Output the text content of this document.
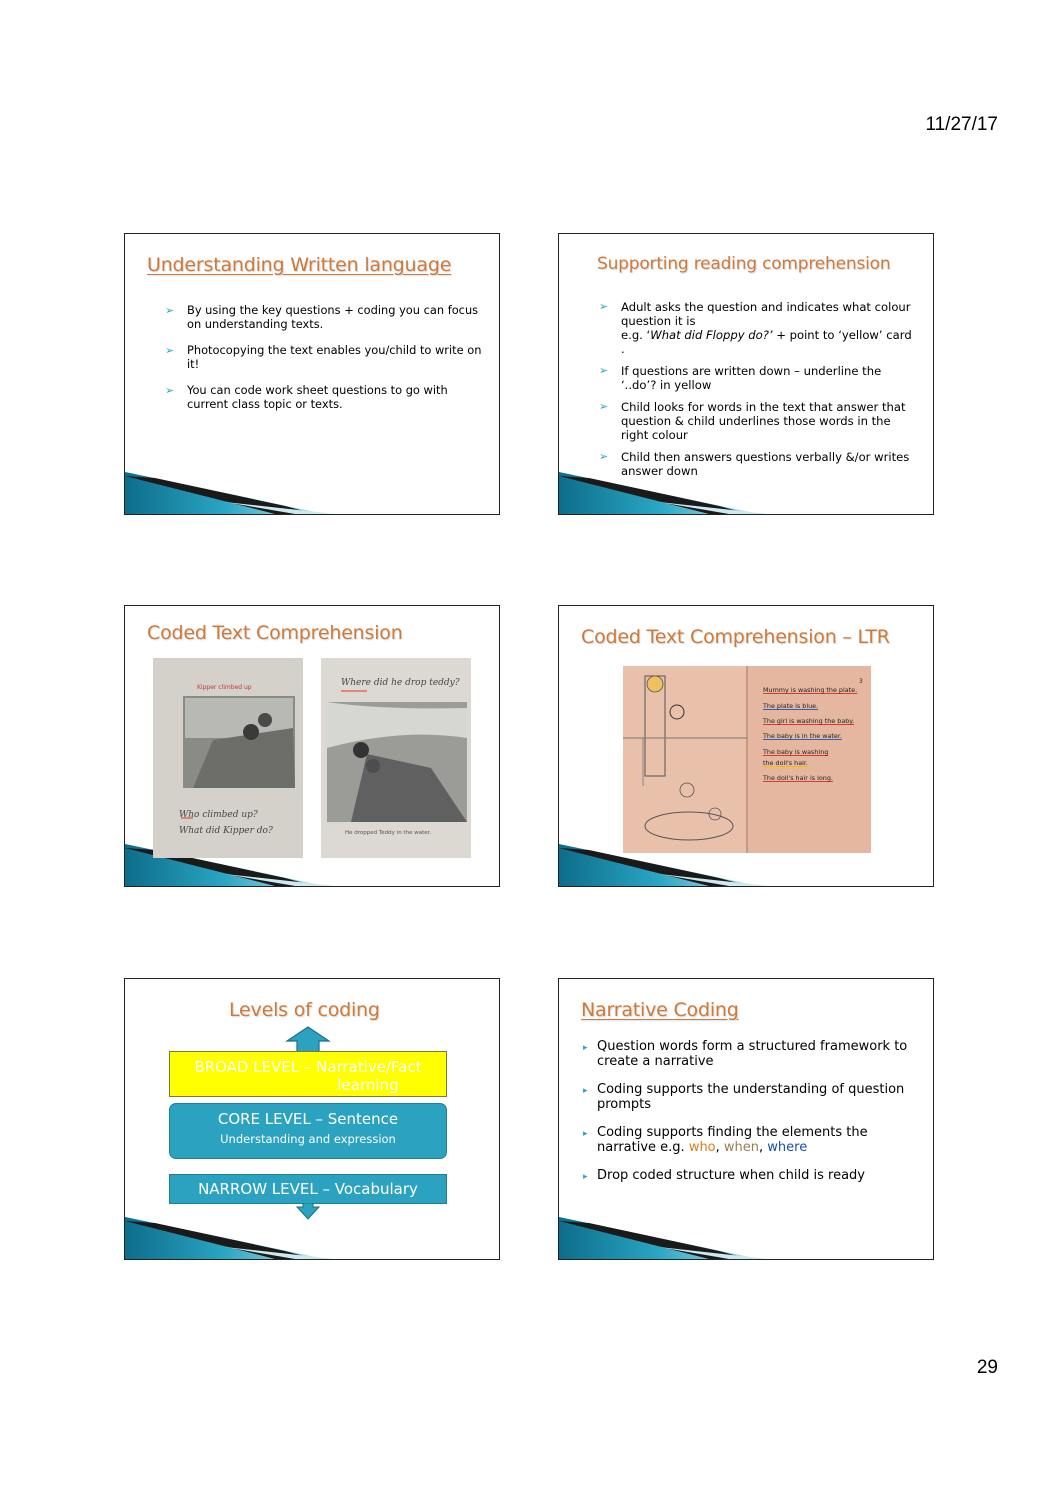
11/27/17
Understanding Written language
➢ By using the key questions + coding you can focus on understanding texts.
➢ Photocopying the text enables you/child to write on it!
➢ You can code work sheet questions to go with current class topic or texts.
Supporting reading comprehension
➢ Adult asks the question and indicates what colour question it is
e.g. ‘What did Floppy do?’ + point to ‘yellow’ card .
➢ If questions are written down – underline the ‘..do’? in yellow
➢ Child looks for words in the text that answer that question & child underlines those words in the right colour
➢ Child then answers questions verbally &/or writes answer down
Coded Text Comprehension
Kipper climbed up
Who climbed up?
What did Kipper do?
Where did he drop teddy?
He dropped Teddy in the water.
Coded Text Comprehension – LTR
3
Mummy is washing the plate.
The plate is blue.
The girl is washing the baby.
The baby is in the water.
The baby is washing
the doll's hair.
The doll's hair is long.
Levels of coding
BROAD LEVEL – Narrative/Fact
learning
CORE LEVEL – Sentence
Understanding and expression
NARROW LEVEL – Vocabulary
Narrative Coding
▸ Question words form a structured framework to create a narrative
▸ Coding supports the understanding of question prompts
▸ Coding supports finding the elements the narrative e.g. who, when, where
▸ Drop coded structure when child is ready
29
